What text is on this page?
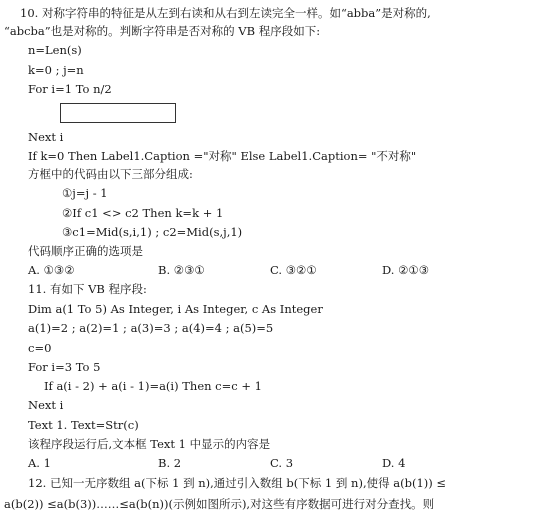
10. 对称字符串的特征是从左到右读和从右到左读完全一样。如“abba”是对称的,
“abcba”也是对称的。判断字符串是否对称的 VB 程序段如下:
n=Len(s)
k=0 ; j=n
For i=1 To n/2
Next i
If k=0 Then Label1.Caption ="对称" Else Label1.Caption= "不对称"
方框中的代码由以下三部分组成:
①j=j - 1
②If c1 <> c2 Then k=k + 1
③c1=Mid(s,i,1) ; c2=Mid(s,j,1)
代码顺序正确的选项是
A. ①③②	B. ②③①	C. ③②①	D. ②①③
11. 有如下 VB 程序段:
Dim a(1 To 5) As Integer, i As Integer, c As Integer
a(1)=2 ; a(2)=1 ; a(3)=3 ; a(4)=4 ; a(5)=5
c=0
For i=3 To 5
If a(i - 2) + a(i - 1)=a(i) Then c=c + 1
Next i
Text 1. Text=Str(c)
该程序段运行后,文本框 Text 1 中显示的内容是
A. 1	B. 2	C. 3	D. 4
12. 已知一无序数组 a(下标 1 到 n),通过引入数组 b(下标 1 到 n),使得 a(b(1)) ≤
a(b(2)) ≤a(b(3))……≤a(b(n))(示例如图所示),对这些有序数据可进行对分查找。则
